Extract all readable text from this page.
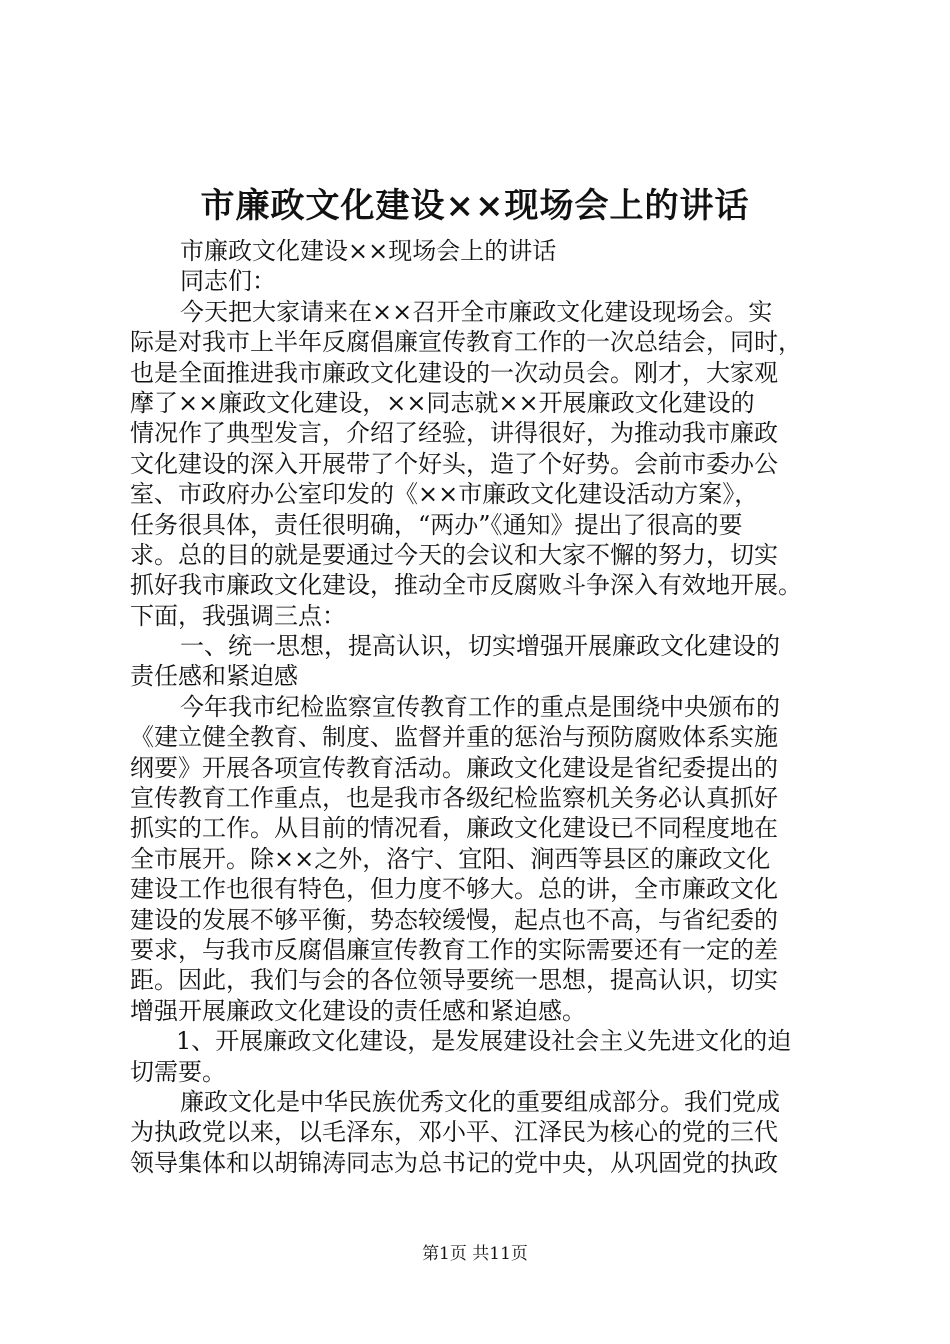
市廉政文化建设××现场会上的讲话
市廉政文化建设××现场会上的讲话
同志们：
今天把大家请来在××召开全市廉政文化建设现场会。实
际是对我市上半年反腐倡廉宣传教育工作的一次总结会，同时，
也是全面推进我市廉政文化建设的一次动员会。刚才，大家观
摩了××廉政文化建设，××同志就××开展廉政文化建设的
情况作了典型发言，介绍了经验，讲得很好，为推动我市廉政
文化建设的深入开展带了个好头，造了个好势。会前市委办公
室、市政府办公室印发的《××市廉政文化建设活动方案》，
任务很具体，责任很明确，“两办”《通知》提出了很高的要
求。总的目的就是要通过今天的会议和大家不懈的努力，切实
抓好我市廉政文化建设，推动全市反腐败斗争深入有效地开展。
下面，我强调三点：
一、统一思想，提高认识，切实增强开展廉政文化建设的
责任感和紧迫感
今年我市纪检监察宣传教育工作的重点是围绕中央颁布的
《建立健全教育、制度、监督并重的惩治与预防腐败体系实施
纲要》开展各项宣传教育活动。廉政文化建设是省纪委提出的
宣传教育工作重点，也是我市各级纪检监察机关务必认真抓好
抓实的工作。从目前的情况看，廉政文化建设已不同程度地在
全市展开。除××之外，洛宁、宜阳、涧西等县区的廉政文化
建设工作也很有特色，但力度不够大。总的讲，全市廉政文化
建设的发展不够平衡，势态较缓慢，起点也不高，与省纪委的
要求，与我市反腐倡廉宣传教育工作的实际需要还有一定的差
距。因此，我们与会的各位领导要统一思想，提高认识，切实
增强开展廉政文化建设的责任感和紧迫感。
1、开展廉政文化建设，是发展建设社会主义先进文化的迫
切需要。
廉政文化是中华民族优秀文化的重要组成部分。我们党成
为执政党以来，以毛泽东，邓小平、江泽民为核心的党的三代
领导集体和以胡锦涛同志为总书记的党中央，从巩固党的执政
第1页 共11页
